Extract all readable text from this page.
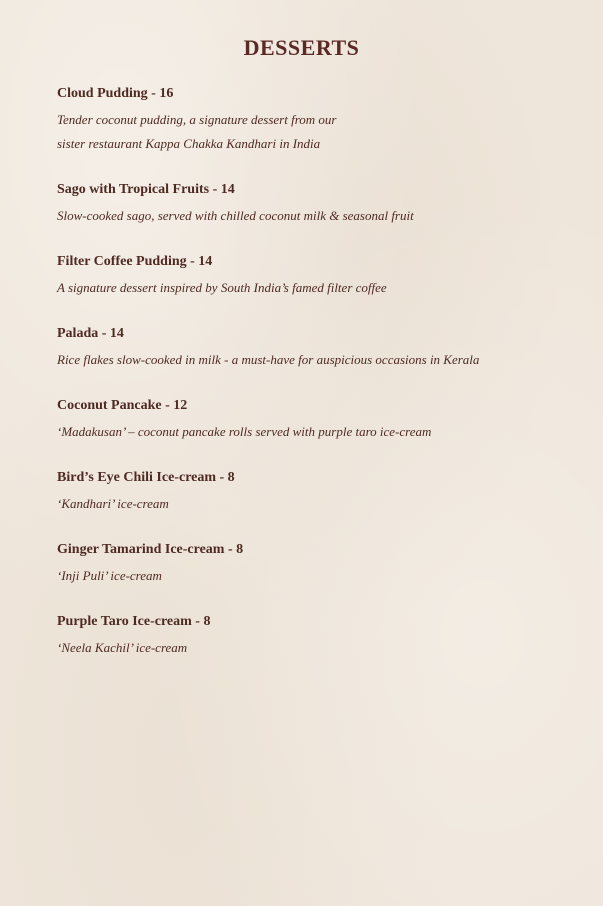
DESSERTS
Cloud Pudding - 16
Tender coconut pudding, a signature dessert from our
sister restaurant Kappa Chakka Kandhari in India
Sago with Tropical Fruits - 14
Slow-cooked sago, served with chilled coconut milk & seasonal fruit
Filter Coffee Pudding - 14
A signature dessert inspired by South India’s famed filter coffee
Palada - 14
Rice flakes slow-cooked in milk - a must-have for auspicious occasions in Kerala
Coconut Pancake - 12
‘Madakusan’ – coconut pancake rolls served with purple taro ice-cream
Bird’s Eye Chili Ice-cream - 8
‘Kandhari’ ice-cream
Ginger Tamarind Ice-cream - 8
‘Inji Puli’ ice-cream
Purple Taro Ice-cream - 8
‘Neela Kachil’ ice-cream
